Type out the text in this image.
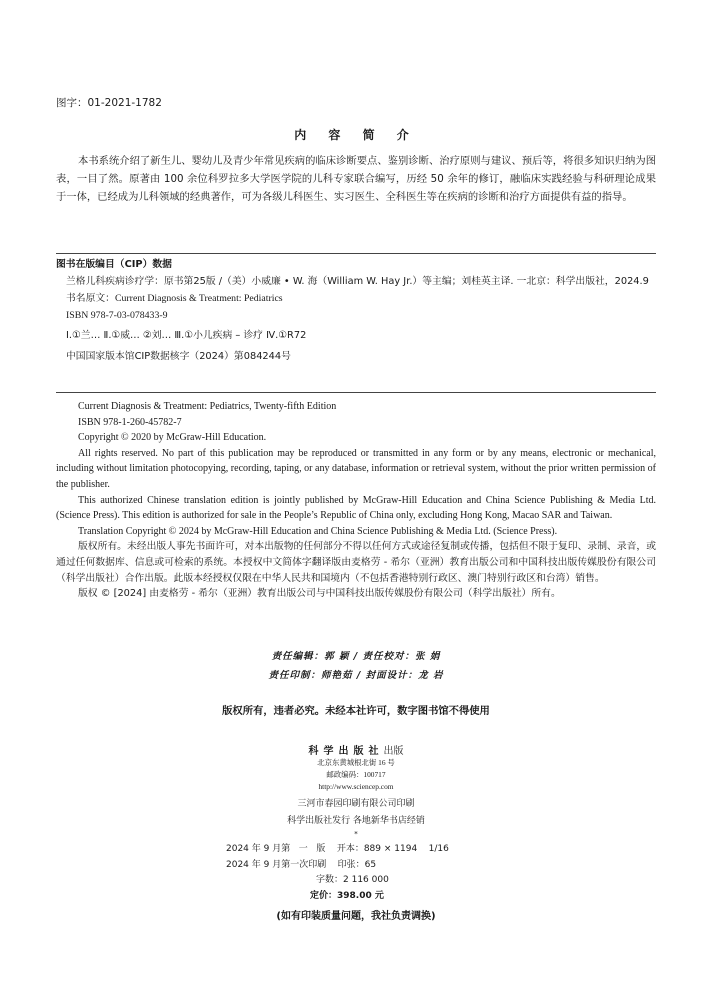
图字：01-2021-1782
内 容 简 介

本书系统介绍了新生儿、婴幼儿及青少年常见疾病的临床诊断要点、鉴别诊断、治疗原则与建议、预后等，将很多知识归纳为图表，一目了然。原著由 100 余位科罗拉多大学医学院的儿科专家联合编写，历经 50 余年的修订，融临床实践经验与科研理论成果于一体，已经成为儿科领域的经典著作，可为各级儿科医生、实习医生、全科医生等在疾病的诊断和治疗方面提供有益的指导。

图书在版编目（CIP）数据

兰格儿科疾病诊疗学：原书第25版 /（美）小威廉 • W. 海（William W. Hay Jr.）等主编；刘桂英主译. 一北京：科学出版社，2024.9

书名原文：Current Diagnosis & Treatment: Pediatrics

ISBN 978-7-03-078433-9

Ⅰ.①兰… Ⅱ.①威… ②刘… Ⅲ.①小儿疾病 – 诊疗 Ⅳ.①R72

中国国家版本馆CIP数据核字（2024）第084244号

Current Diagnosis & Treatment: Pediatrics, Twenty-fifth Edition

ISBN 978-1-260-45782-7

Copyright © 2020 by McGraw-Hill Education.

All rights reserved. No part of this publication may be reproduced or transmitted in any form or by any means, electronic or mechanical, including without limitation photocopying, recording, taping, or any database, information or retrieval system, without the prior written permission of the publisher.

This authorized Chinese translation edition is jointly published by McGraw-Hill Education and China Science Publishing & Media Ltd. (Science Press). This edition is authorized for sale in the People’s Republic of China only, excluding Hong Kong, Macao SAR and Taiwan.

Translation Copyright © 2024 by McGraw-Hill Education and China Science Publishing & Media Ltd. (Science Press).

版权所有。未经出版人事先书面许可，对本出版物的任何部分不得以任何方式或途径复制或传播，包括但不限于复印、录制、录音，或通过任何数据库、信息或可检索的系统。本授权中文简体字翻译版由麦格劳 - 希尔（亚洲）教育出版公司和中国科技出版传媒股份有限公司（科学出版社）合作出版。此版本经授权仅限在中华人民共和国境内（不包括香港特别行政区、澳门特别行政区和台湾）销售。

版权 © [2024] 由麦格劳 - 希尔（亚洲）教育出版公司与中国科技出版传媒股份有限公司（科学出版社）所有。

责任编辑：郭 颖 / 责任校对：张 娟
责任印制：师艳茹 / 封面设计：龙 岩
版权所有，违者必究。未经本社许可，数字图书馆不得使用
科学出版社出版
北京东黄城根北街 16 号
邮政编码：100717
http://www.sciencep.com
三河市春园印刷有限公司印刷
科学出版社发行 各地新华书店经销
*

2024 年 9 月第   一   版    开本：889 × 1194    1/16

2024 年 9 月第一次印刷    印张：65

字数：2 116 000

定价：398.00 元

(如有印装质量问题，我社负责调换)
